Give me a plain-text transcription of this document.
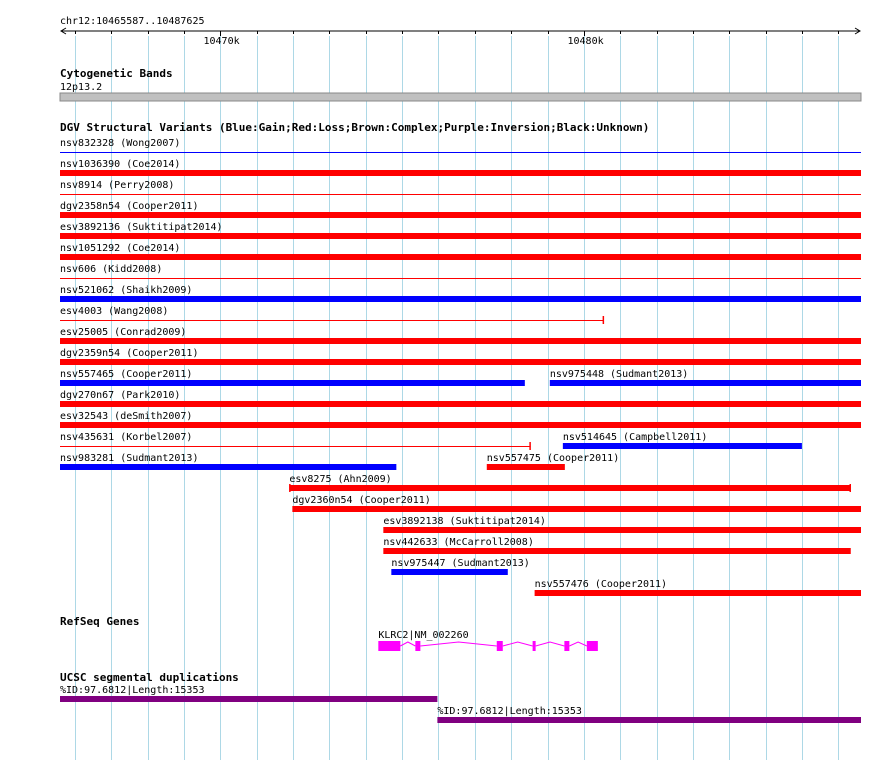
chr12:10465587..10487625
10470k	10480k
Cytogenetic Bands
12p13.2
DGV Structural Variants (Blue:Gain;Red:Loss;Brown:Complex;Purple:Inversion;Black:Unknown)
nsv832328 (Wong2007)
nsv1036390 (Coe2014)
nsv8914 (Perry2008)
dgv2358n54 (Cooper2011)
esv3892136 (Suktitipat2014)
nsv1051292 (Coe2014)
nsv606 (Kidd2008)
nsv521062 (Shaikh2009)
esv4003 (Wang2008)
esv25005 (Conrad2009)
dgv2359n54 (Cooper2011)
nsv557465 (Cooper2011)	nsv975448 (Sudmant2013)
dgv270n67 (Park2010)
esv32543 (deSmith2007)
nsv435631 (Korbel2007)	nsv514645 (Campbell2011)
nsv983281 (Sudmant2013)	nsv557475 (Cooper2011)
esv8275 (Ahn2009)
dgv2360n54 (Cooper2011)
esv3892138 (Suktitipat2014)
nsv442633 (McCarroll2008)
nsv975447 (Sudmant2013)
nsv557476 (Cooper2011)
RefSeq Genes
KLRC2|NM_002260
UCSC segmental duplications
%ID:97.6812|Length:15353
%ID:97.6812|Length:15353
